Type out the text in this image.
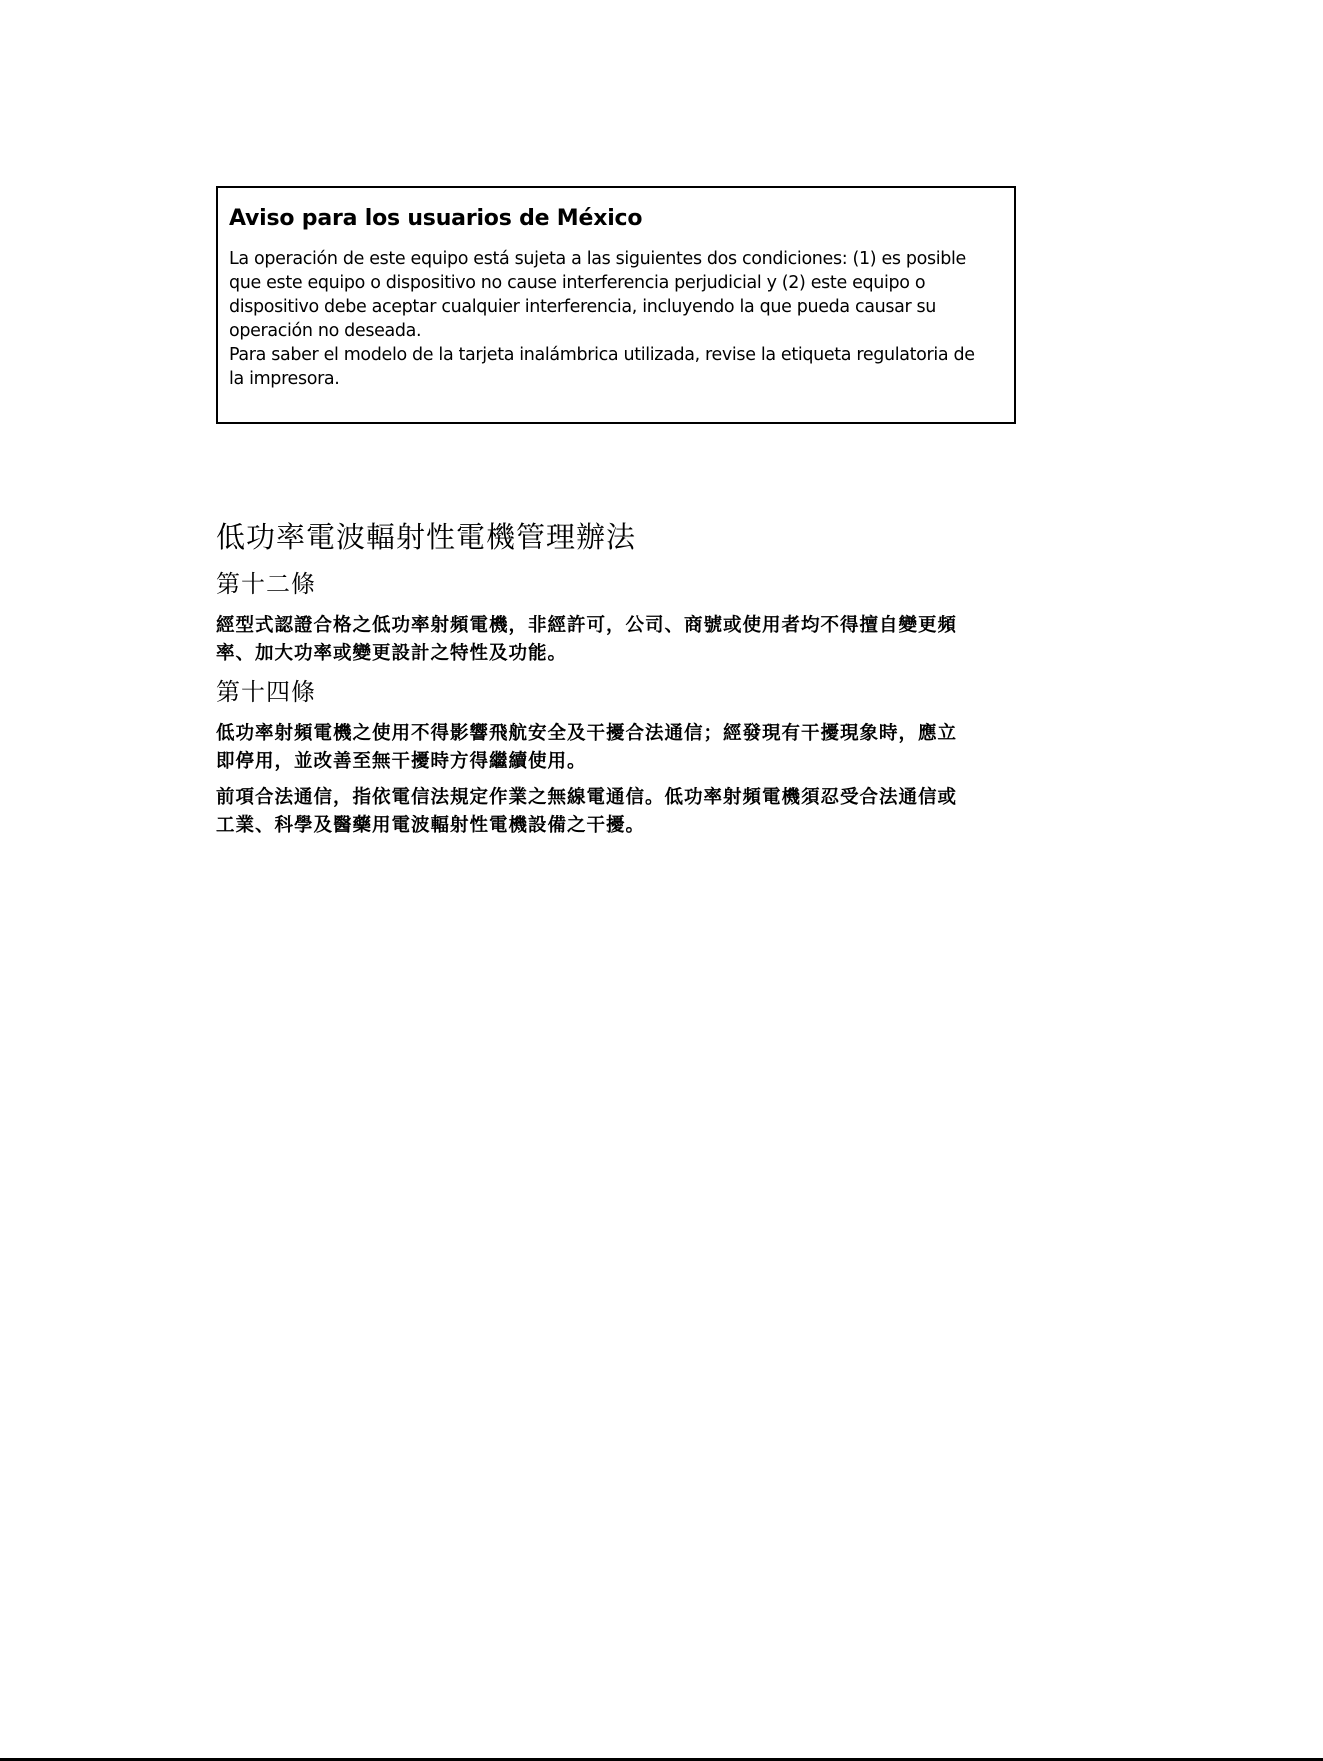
Aviso para los usuarios de México

La operación de este equipo está sujeta a las siguientes dos condiciones: (1) es posible
que este equipo o dispositivo no cause interferencia perjudicial y (2) este equipo o
dispositivo debe aceptar cualquier interferencia, incluyendo la que pueda causar su
operación no deseada.
Para saber el modelo de la tarjeta inalámbrica utilizada, revise la etiqueta regulatoria de
la impresora.

低功率電波輻射性電機管理辦法
第十二條

經型式認證合格之低功率射頻電機，非經許可，公司、商號或使用者均不得擅自變更頻
率、加大功率或變更設計之特性及功能。

第十四條

低功率射頻電機之使用不得影響飛航安全及干擾合法通信；經發現有干擾現象時，應立
即停用，並改善至無干擾時方得繼續使用。

前項合法通信，指依電信法規定作業之無線電通信。低功率射頻電機須忍受合法通信或
工業、科學及醫藥用電波輻射性電機設備之干擾。
